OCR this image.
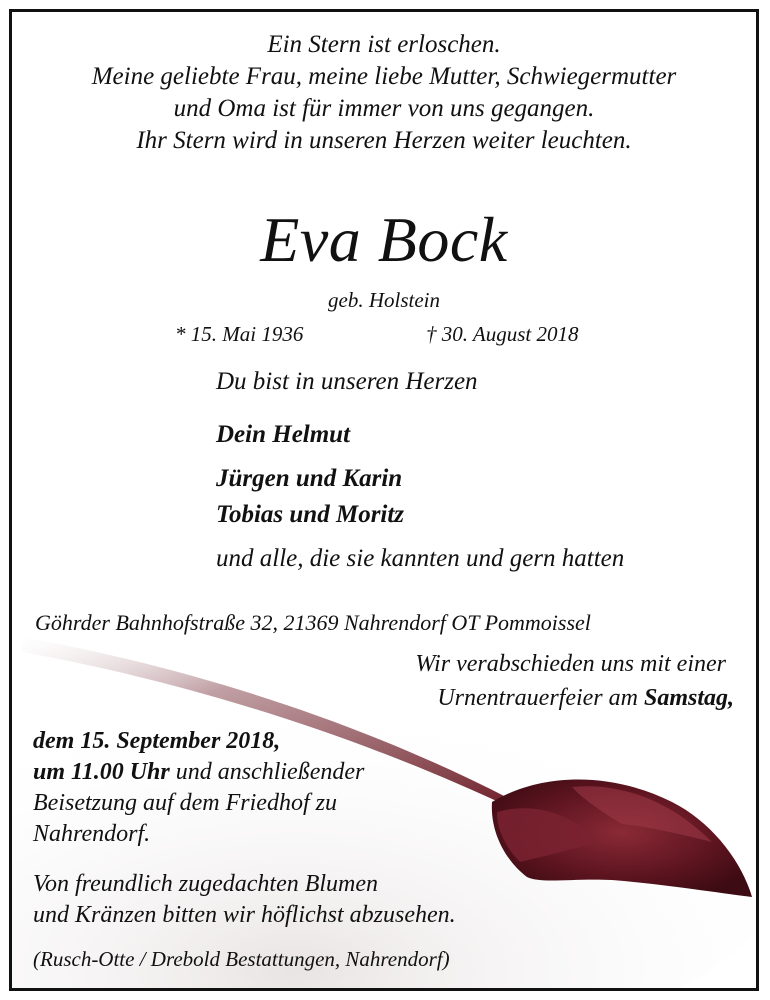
Ein Stern ist erloschen.
Meine geliebte Frau, meine liebe Mutter, Schwiegermutter
und Oma ist für immer von uns gegangen.
Ihr Stern wird in unseren Herzen weiter leuchten.
Eva Bock
geb. Holstein
* 15. Mai 1936	† 30. August 2018
Du bist in unseren Herzen
Dein Helmut
Jürgen und Karin
Tobias und Moritz
und alle, die sie kannten und gern hatten
Göhrder Bahnhofstraße 32, 21369 Nahrendorf OT Pommoissel
Wir verabschieden uns mit einer
Urnentrauerfeier am Samstag,
dem 15. September 2018,
um 11.00 Uhr und anschließender
Beisetzung auf dem Friedhof zu
Nahrendorf.
Von freundlich zugedachten Blumen
und Kränzen bitten wir höflichst abzusehen.
(Rusch-Otte / Drebold Bestattungen, Nahrendorf)
